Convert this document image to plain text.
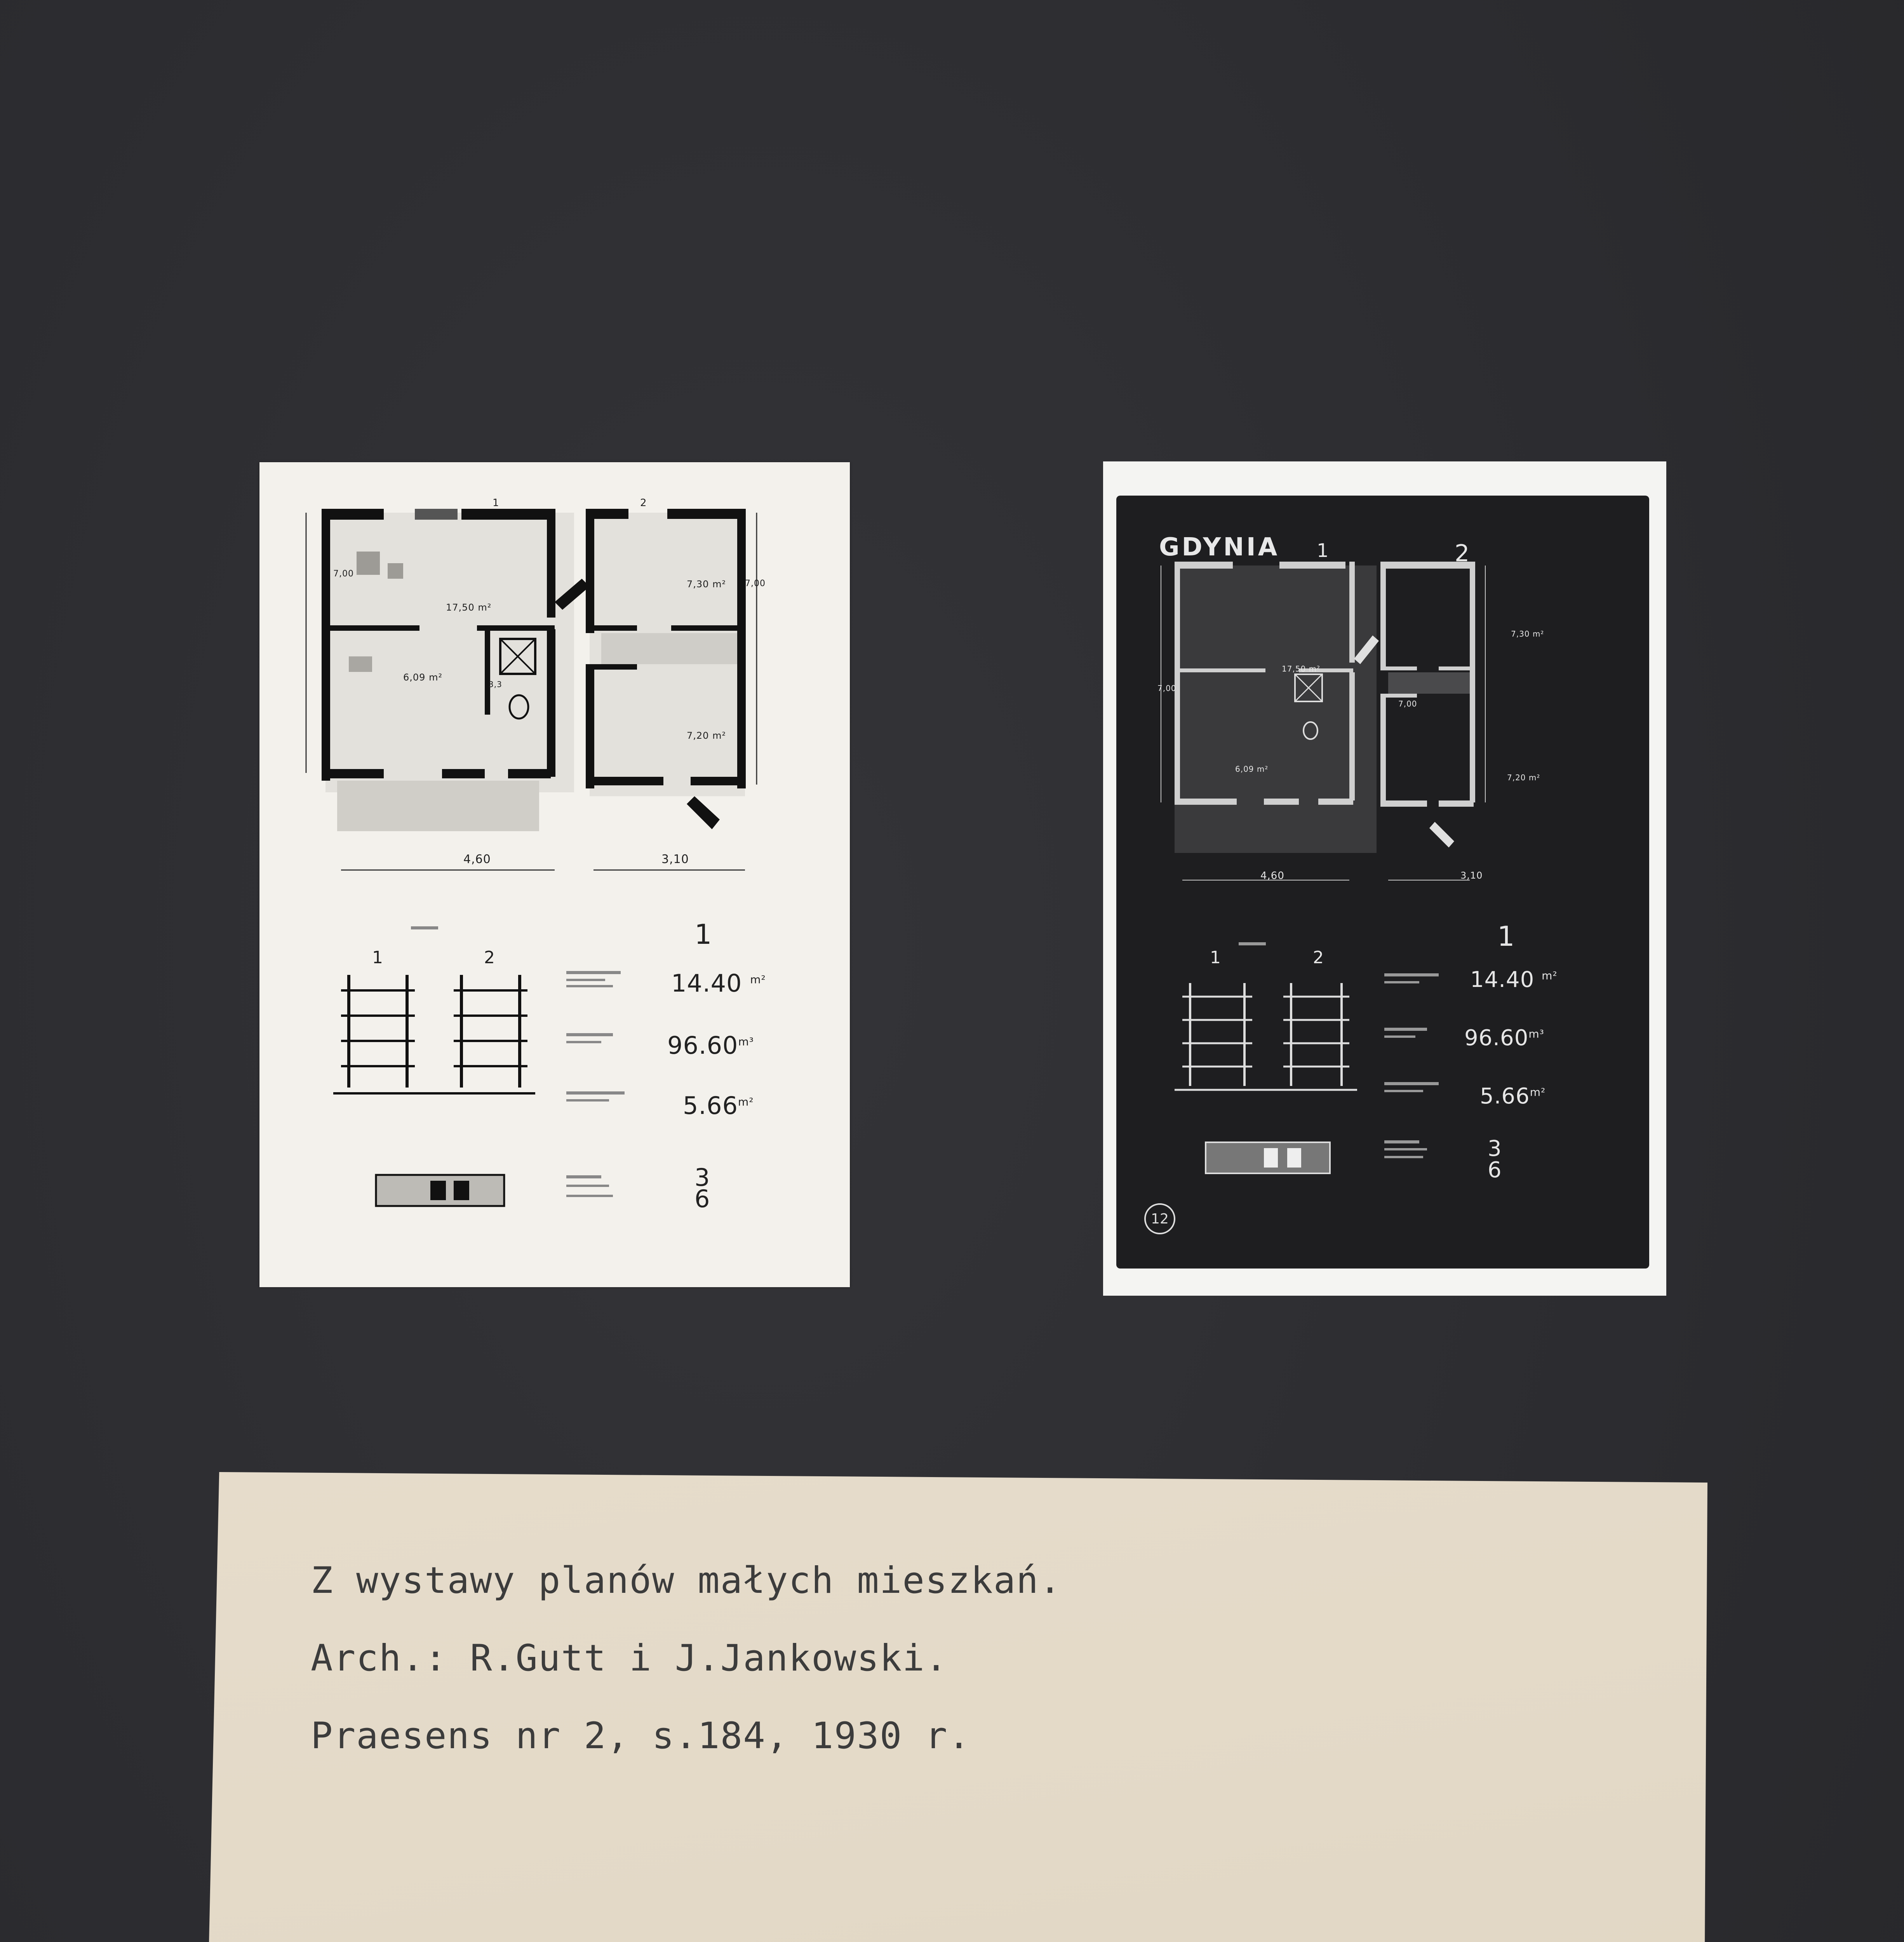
7,00
4,60	3,10
7,00
17,50 m²
6,09 m²
3,3
7,30 m²
7,20 m²
1	2
1	2
1
14.40 $^{m^2}$
$96.60^{m^3}$
$5.66^{m^2}$
3
6
GDYNIA 1	2
7,00
7,00
4,60	3,10
17,50 m²
6,09 m²
7,30 m²
7,20 m²
1	2
1
14.40 $^{m^2}$
$96.60^{m^3}$
$5.66^{m^2}$
3
6
12
Z wystawy planów małych mieszkań.
Arch.: R.Gutt i J.Jankowski.
Praesens nr 2, s.184, 1930 r.
